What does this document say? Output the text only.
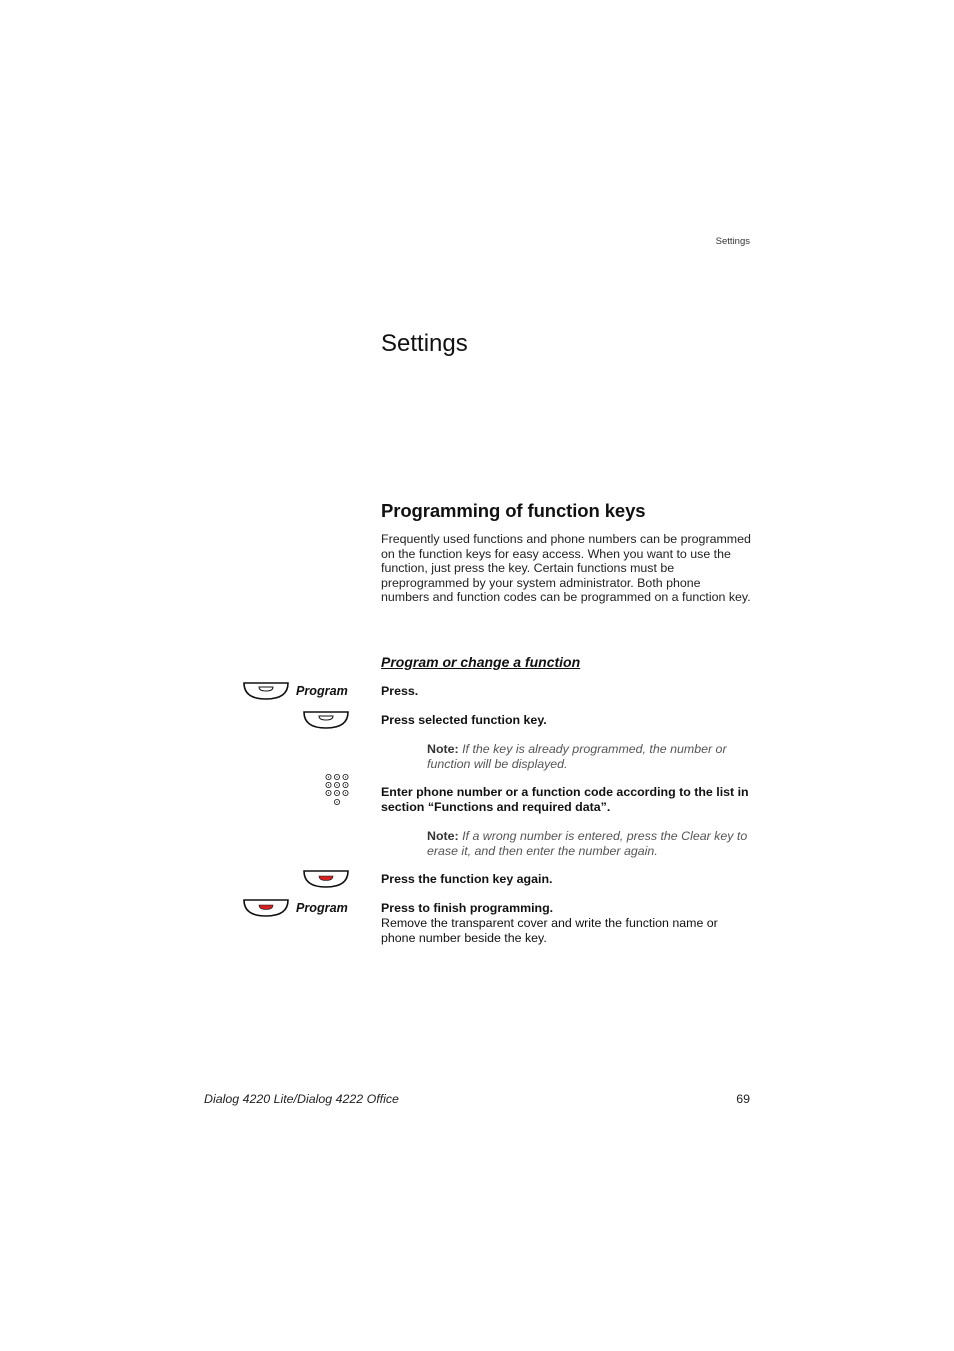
Settings
Settings
Programming of function keys

Frequently used functions and phone numbers can be programmed on the function keys for easy access. When you want to use the function, just press the key. Certain functions must be preprogrammed by your system administrator. Both phone numbers and function codes can be programmed on a function key.

Program or change a function
Program	Press.
Press selected function key.
Note: If the key is already programmed, the number or function will be displayed.
Enter phone number or a function code according to the list in section “Functions and required data”.
Note: If a wrong number is entered, press the Clear key to erase it, and then enter the number again.
Press the function key again.
Program	Press to finish programming.
Remove the transparent cover and write the function name or phone number beside the key.
Dialog 4220 Lite/Dialog 4222 Office	69
